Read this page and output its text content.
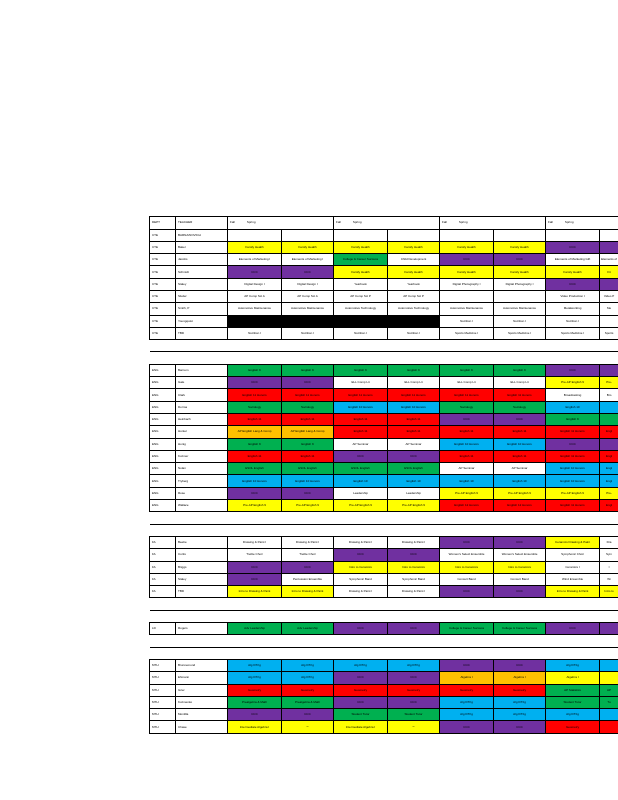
DEPT	TEACHER	Fall Spring		Fall Spring		Fall Spring		Fall Spring	
CTE	BARNA/NOVICH								
CTE	Baker	Family Health	Family Health	Family Health	Family Health	Family Health	Family Health	CCC	
CTE	Jacobs	Elements of Marketing I	Elements of Marketing I	College & Career Success	Child Development	CCC	CCC	Elements of Marketing Gift	Elements of
CTE	Schmidt	CCC	CCC	Family Health	Family Health	Family Health	Family Health	Family Health	Fit
CTE	Staley	Digital Design I	Digital Design I	Yearbook	Yearbook	Digital Photography I	Digital Photography I	CCC	
CTE	Sluder	AP Comp Sci A	AP Comp Sci A	AP Comp Sci P	AP Comp Sci P			Video Production I	Video P
CTE	Smith, P	Automotive Maintenance	Automotive Maintenance	Automotive Technology	Automotive Technology	Automotive Maintenance	Automotive Maintenance	Metalworking	Me
CTE	Youngquist					Nutrition I	Nutrition I	Nutrition I	
CTE	TBD	Nutrition I	Nutrition I	Nutrition I	Nutrition I	Sports Medicine I	Sports Medicine I	Sports Medicine I	Sports

ENG	Barnum	English 9	English 9	English 9	English 9	English 9	English 9	CCC	
ENG	Gale	CCC	CCC	ELL Comp Lit	ELL Comp Lit	ELL Comp Lit	ELL Comp Lit	Pre-AP English 9	Pre-
ENG	Clark	English 11 Honors	English 11 Honors	English 11 Honors	English 11 Honors	English 11 Honors	English 11 Honors	Broadcasting	Bro
ENG	Dorma	Sociology	Sociology	English 10 Honors	English 10 Honors	Sociology	Sociology	English 10	
ENG	Heinbach	English 11	English 11	English 11	English 11	CCC	CCC	English 9	
ENG	Hunter	AP English Lang & Comp	AP English Lang & Comp	English 11	English 11	English 11	English 11	English 11 Honors	Engl
ENG	Honig	English 9	English 9	AP Seminar	AP Seminar	English 10 Honors	English 10 Honors	CCC	
ENG	Kuzmer	English 11	English 11	CCC	CCC	English 11	English 11	English 11 Honors	Engl
ENG	Nolan	ESOL English	ESOL English	ESOL English	ESOL English	AP Seminar	AP Seminar	English 10 Honors	Engl
ENG	Tryberg	English 10 Honors	English 10 Honors	English 10	English 10	English 10	English 10	English 10 Honors	Engl
ENG	Rose	CCC	CCC	Leadership	Leadership	Pre-AP English 9	Pre-AP English 9	Pre-AP English 9	Pre-
ENG	Wallace	Pre-AP English 9	Pre-AP English 9	Pre-AP English 9	Pre-AP English 9	English 12 Honors	English 12 Honors	English 11 Honors	Engl

FA	Beebe	Drawing & Paint I	Drawing & Paint I	Drawing & Paint I	Drawing & Paint I	CCC	CCC	Ceramics Drawing & Paint	Dra
FA	Curtis	Treble Choir	Treble Choir	CCC	CCC	Women's Select Ensemble	Women's Select Ensemble	Symphonic Choir	Sym
FA	Briggs	CCC	CCC	Intro to Ceramics	Intro to Ceramics	Intro to Ceramics	Intro to Ceramics	Ceramics I	I
FA	Staley	CCC	Percussion Ensemble	Symphonic Band	Symphonic Band	Concert Band	Concert Band	Wind Ensemble	Wi
FA	TBD	Intro to Drawing & Paint	Intro to Drawing & Paint	Drawing & Paint I	Drawing & Paint I	CCC	CCC	Intro to Drawing & Paint	Intro to

LD	Rogers	Adv Leadership	Adv Leadership	CCC	CCC	College & Career Success	College & Career Success	CCC	

MTH	Brunnemund	Alg II/Trig	Alg II/Trig	Alg II/Trig	Alg II/Trig	CCC	CCC	Alg II/Trig	
MTH	Ehmann	Alg II/Trig	Alg II/Trig	CCC	CCC	Algebra I	Algebra I	Algebra I	
MTH	Grier	Geometry	Geometry	Geometry	Geometry	Geometry	Geometry	AP Statistics	AP
MTH	Kuzmenko	Prealgebra & Math	Prealgebra & Math	CCC	CCC	Alg II/Trig	Alg II/Trig	Student Tutor	Tu
MTH	Montilla	CCC	CCC	Student Tutor	Student Tutor	Alg II/Trig	Alg II/Trig	Alg II/Trig	
MTH	Chase	Intermediate Algebra I	""	Intermediate Algebra I	""	CCC	CCC	Geometry	
